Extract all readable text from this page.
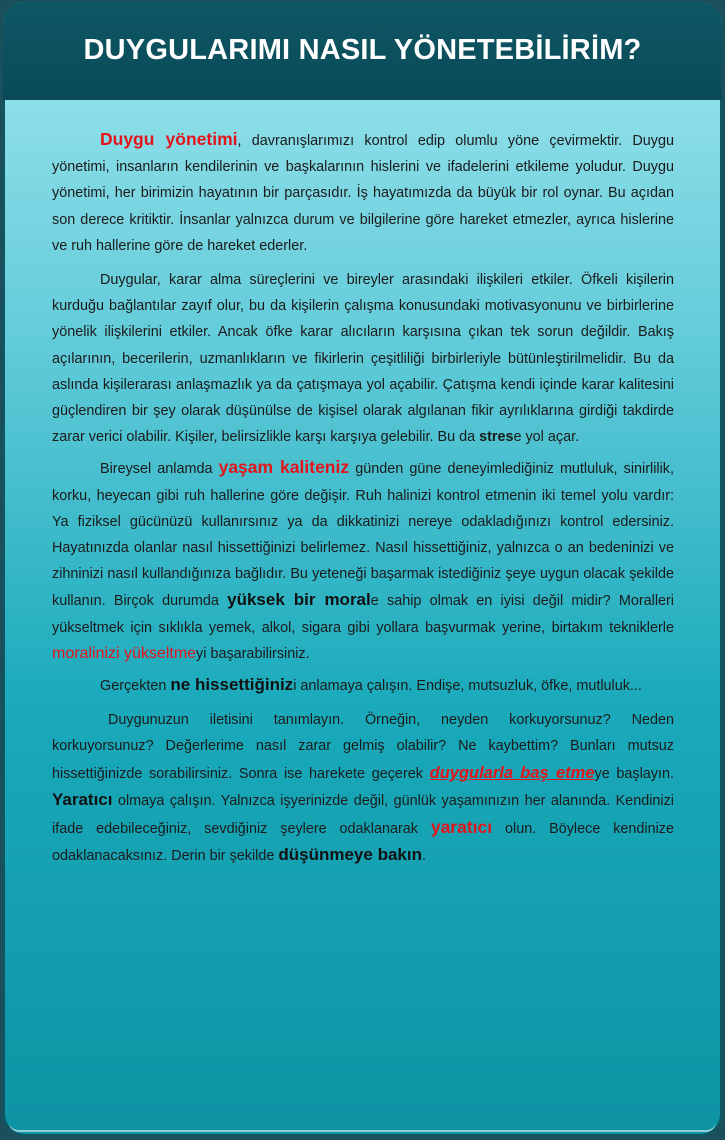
DUYGULARIMI NASIL YÖNETEBİLİRİM?

Duygu yönetimi, davranışlarımızı kontrol edip olumlu yöne çevirmektir. Duygu yönetimi, insanların kendilerinin ve başkalarının hislerini ve ifadelerini etkileme yoludur. Duygu yönetimi, her birimizin hayatının bir parçasıdır. İş hayatımızda da büyük bir rol oynar. Bu açıdan son derece kritiktir. İnsanlar yalnızca durum ve bilgilerine göre hareket etmezler, ayrıca hislerine ve ruh hallerine göre de hareket ederler.

Duygular, karar alma süreçlerini ve bireyler arasındaki ilişkileri etkiler. Öfkeli kişilerin kurduğu bağlantılar zayıf olur, bu da kişilerin çalışma konusundaki motivasyonunu ve birbirlerine yönelik ilişkilerini etkiler. Ancak öfke karar alıcıların karşısına çıkan tek sorun değildir. Bakış açılarının, becerilerin, uzmanlıkların ve fikirlerin çeşitliliği birbirleriyle bütünleştirilmelidir. Bu da aslında kişilerarası anlaşmazlık ya da çatışmaya yol açabilir. Çatışma kendi içinde karar kalitesini güçlendiren bir şey olarak düşünülse de kişisel olarak algılanan fikir ayrılıklarına girdiği takdirde zarar verici olabilir. Kişiler, belirsizlikle karşı karşıya gelebilir. Bu da strese yol açar.

Bireysel anlamda yaşam kaliteniz günden güne deneyimlediğiniz mutluluk, sinirlilik, korku, heyecan gibi ruh hallerine göre değişir. Ruh halinizi kontrol etmenin iki temel yolu vardır: Ya fiziksel gücünüzü kullanırsınız ya da dikkatinizi nereye odakladığınızı kontrol edersiniz. Hayatınızda olanlar nasıl hissettiğinizi belirlemez. Nasıl hissettiğiniz, yalnızca o an bedeninizi ve zihninizi nasıl kullandığınıza bağlıdır. Bu yeteneği başarmak istediğiniz şeye uygun olacak şekilde kullanın. Birçok durumda yüksek bir morale sahip olmak en iyisi değil midir? Moralleri yükseltmek için sıklıkla yemek, alkol, sigara gibi yollara başvurmak yerine, birtakım tekniklerle moralinizi yükseltmeyi başarabilirsiniz.

Gerçekten ne hissettiğinizi anlamaya çalışın. Endişe, mutsuzluk, öfke, mutluluk...

Duygunuzun iletisini tanımlayın. Örneğin, neyden korkuyorsunuz? Neden korkuyorsunuz? Değerlerime nasıl zarar gelmiş olabilir? Ne kaybettim? Bunları mutsuz hissettiğinizde sorabilirsiniz. Sonra ise harekete geçerek duygularla baş etmeye başlayın. Yaratıcı olmaya çalışın. Yalnızca işyerinizde değil, günlük yaşamınızın her alanında. Kendinizi ifade edebileceğiniz, sevdiğiniz şeylere odaklanarak yaratıcı olun. Böylece kendinize odaklanacaksınız. Derin bir şekilde düşünmeye bakın.
